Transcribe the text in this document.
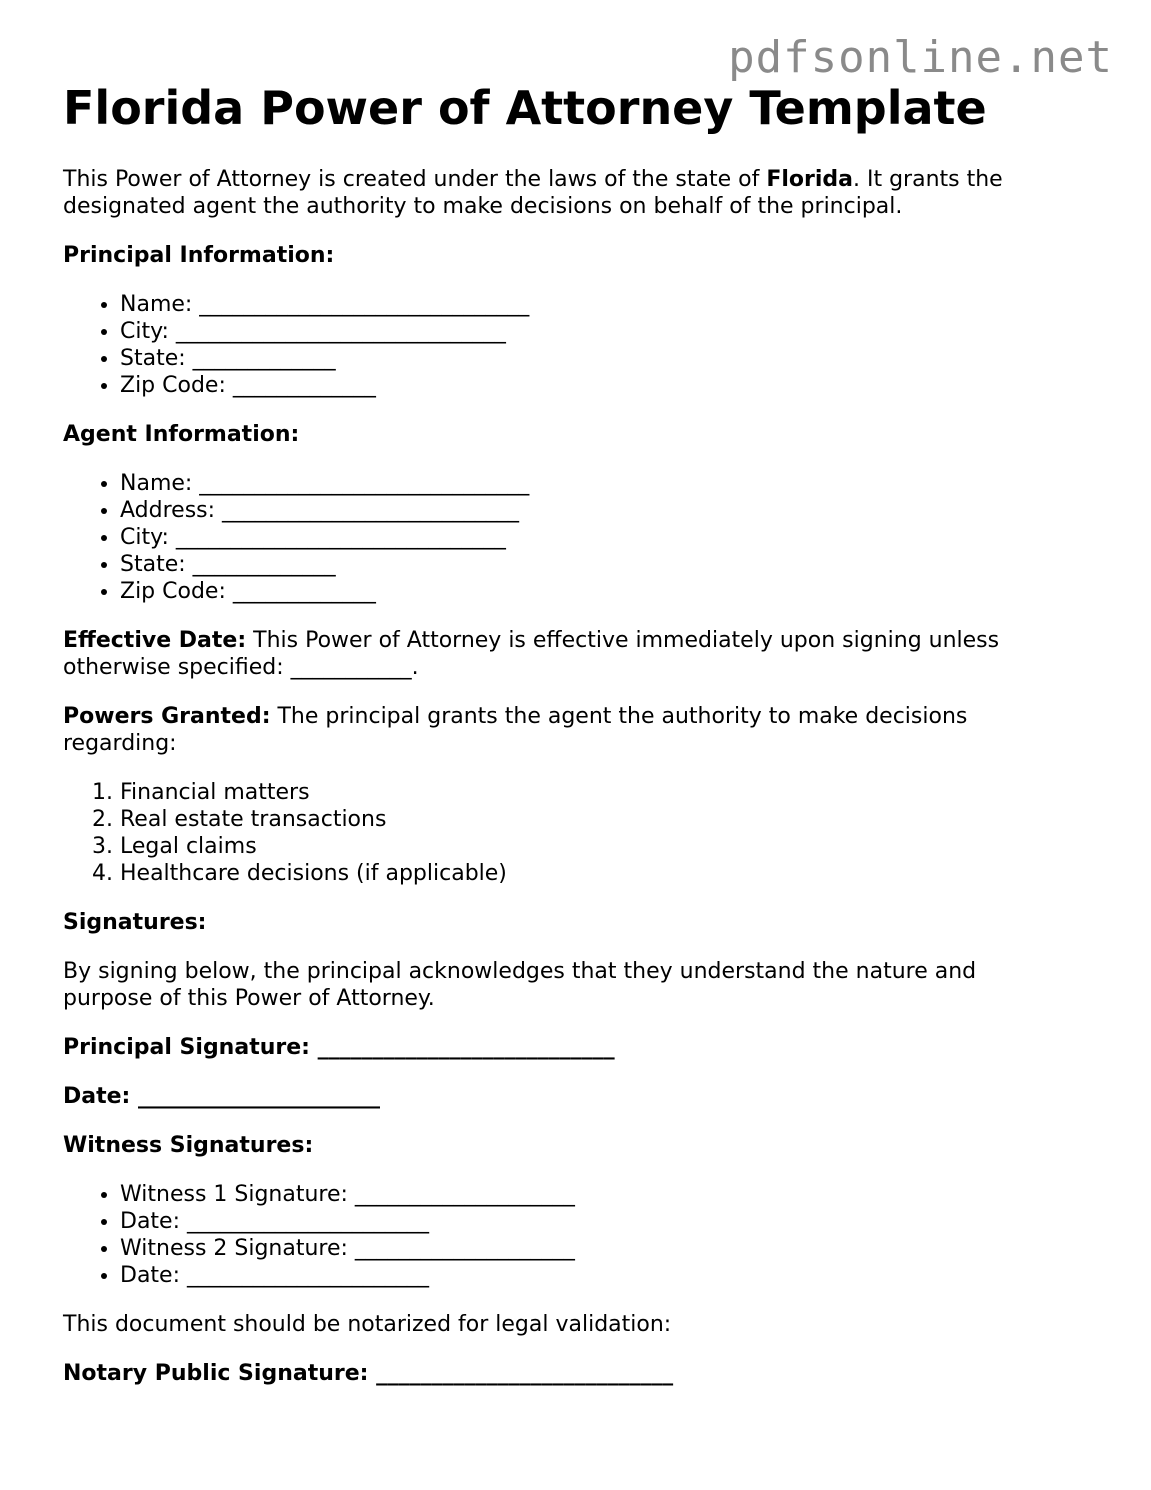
pdfsonline.net
Florida Power of Attorney Template

This Power of Attorney is created under the laws of the state of Florida. It grants the designated agent the authority to make decisions on behalf of the principal.

Principal Information:

• Name: ______________________________
• City: ______________________________
• State: _____________
• Zip Code: _____________

Agent Information:

• Name: ______________________________
• Address: ___________________________
• City: ______________________________
• State: _____________
• Zip Code: _____________

Effective Date: This Power of Attorney is effective immediately upon signing unless otherwise specified: ___________.

Powers Granted: The principal grants the agent the authority to make decisions regarding:

1. Financial matters
2. Real estate transactions
3. Legal claims
4. Healthcare decisions (if applicable)

Signatures:

By signing below, the principal acknowledges that they understand the nature and purpose of this Power of Attorney.

Principal Signature: ___________________________

Date: ______________________

Witness Signatures:

• Witness 1 Signature: ____________________
• Date: ______________________
• Witness 2 Signature: ____________________
• Date: ______________________

This document should be notarized for legal validation:

Notary Public Signature: ___________________________
